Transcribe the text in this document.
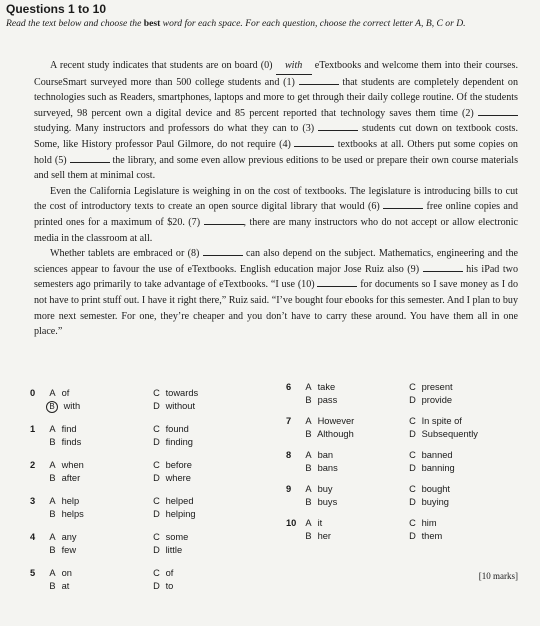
Questions 1 to 10
Read the text below and choose the best word for each space. For each question, choose the correct letter A, B, C or D.

A recent study indicates that students are on board (0) with eTextbooks and welcome them into their courses. CourseSmart surveyed more than 500 college students and (1)	that students are completely dependent on technologies such as Readers, smartphones, laptops and more to get through their daily college routine. Of the students surveyed, 98 percent own a digital device and 85 percent reported that technology saves them time (2)  studying. Many instructors and professors do what they can to (3)	students cut down on textbook costs. Some, like History professor Paul Gilmore, do not require (4)	textbooks at all. Others put some copies on hold (5)	the library, and some even allow previous editions to be used or prepare their own course materials and sell them at minimal cost.

Even the California Legislature is weighing in on the cost of textbooks. The legislature is introducing bills to cut the cost of introductory texts to create an open source digital library that would (6)	free online copies and printed ones for a maximum of $20. (7)	, there are many instructors who do not accept or allow electronic media in the classroom at all.

Whether tablets are embraced or (8)	can also depend on the subject. Mathematics, engineering and the sciences appear to favour the use of eTextbooks. English education major Jose Ruiz also (9)	his iPad two semesters ago primarily to take advantage of eTextbooks. “I use (10)	for documents so I save money as I do not have to print stuff out. I have it right there,” Ruiz said. “I’ve bought four ebooks for this semester. And I plan to buy more next semester. For one, they’re cheaper and you don’t have to carry these around. You have them all in one place.”

0	A of
B with
C towards
D without
1	A find
B finds
C found
D finding
2	A when
B after
C before
D where
3	A help
B helps
C helped
D helping
4	A any
B few
C some
D little
5	A on
B at
C of
D to
6	A take
B pass
C present
D provide
7	A However
B Although
C In spite of
D Subsequently
8	A ban
B bans
C banned
D banning
9	A buy
B buys
C bought
D buying
10 A it
B her
C him
D them
[10 marks]
